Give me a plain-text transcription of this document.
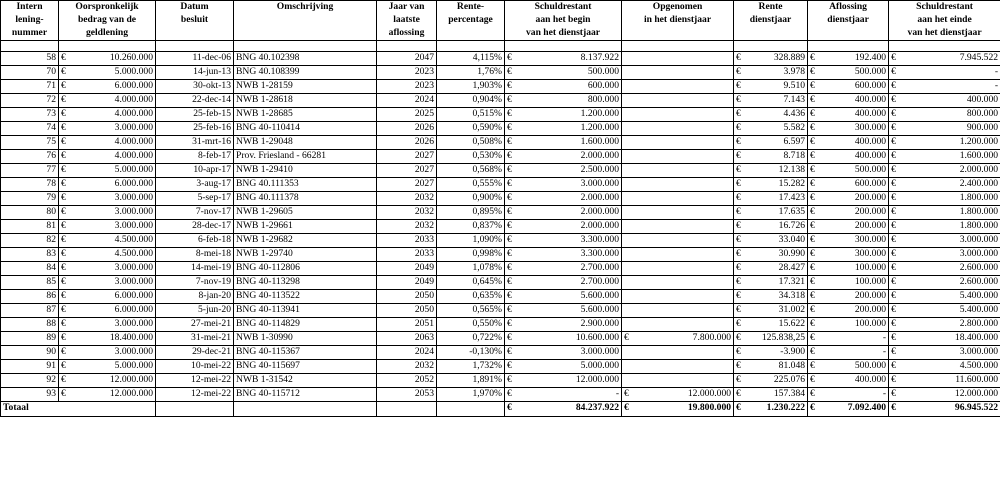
Intern	Oorspronkelijk		Datum	Omschrijving	Jaar van	Rente-	Schuldrestant		Opgenomen		Rente		Aflossing		Schuldrestant	
lening-	bedrag van de		besluit		laatste	percentage	aan het begin		in het dienstjaar		dienstjaar		dienstjaar		aan het einde	
nummer	geldlening				aflossing		van het dienstjaar								van het dienstjaar	

58	€	10.260.000	11-dec-06	BNG 40.102398	2047	4,115%	€	8.137.922			€	328.889	€	192.400	€	7.945.522
70	€	5.000.000	14-jun-13	BNG 40.108399	2023	1,76%	€	500.000			€	3.978	€	500.000	€	-
71	€	6.000.000	30-okt-13	NWB 1-28159	2023	1,903%	€	600.000			€	9.510	€	600.000	€	-
72	€	4.000.000	22-dec-14	NWB 1-28618	2024	0,904%	€	800.000			€	7.143	€	400.000	€	400.000
73	€	4.000.000	25-feb-15	NWB 1-28685	2025	0,515%	€	1.200.000			€	4.436	€	400.000	€	800.000
74	€	3.000.000	25-feb-16	BNG 40-110414	2026	0,590%	€	1.200.000			€	5.582	€	300.000	€	900.000
75	€	4.000.000	31-mrt-16	NWB 1-29048	2026	0,508%	€	1.600.000			€	6.597	€	400.000	€	1.200.000
76	€	4.000.000	8-feb-17	Prov. Friesland - 66281	2027	0,530%	€	2.000.000			€	8.718	€	400.000	€	1.600.000
77	€	5.000.000	10-apr-17	NWB 1-29410	2027	0,568%	€	2.500.000			€	12.138	€	500.000	€	2.000.000
78	€	6.000.000	3-aug-17	BNG 40.111353	2027	0,555%	€	3.000.000			€	15.282	€	600.000	€	2.400.000
79	€	3.000.000	5-sep-17	BNG 40.111378	2032	0,900%	€	2.000.000			€	17.423	€	200.000	€	1.800.000
80	€	3.000.000	7-nov-17	NWB 1-29605	2032	0,895%	€	2.000.000			€	17.635	€	200.000	€	1.800.000
81	€	3.000.000	28-dec-17	NWB 1-29661	2032	0,837%	€	2.000.000			€	16.726	€	200.000	€	1.800.000
82	€	4.500.000	6-feb-18	NWB 1-29682	2033	1,090%	€	3.300.000			€	33.040	€	300.000	€	3.000.000
83	€	4.500.000	8-mei-18	NWB 1-29740	2033	0,998%	€	3.300.000			€	30.990	€	300.000	€	3.000.000
84	€	3.000.000	14-mei-19	BNG 40-112806	2049	1,078%	€	2.700.000			€	28.427	€	100.000	€	2.600.000
85	€	3.000.000	7-nov-19	BNG 40-113298	2049	0,645%	€	2.700.000			€	17.321	€	100.000	€	2.600.000
86	€	6.000.000	8-jan-20	BNG 40-113522	2050	0,635%	€	5.600.000			€	34.318	€	200.000	€	5.400.000
87	€	6.000.000	5-jun-20	BNG 40-113941	2050	0,565%	€	5.600.000			€	31.002	€	200.000	€	5.400.000
88	€	3.000.000	27-mei-21	BNG 40-114829	2051	0,550%	€	2.900.000			€	15.622	€	100.000	€	2.800.000
89	€	18.400.000	31-mei-21	NWB 1-30990	2063	0,722%	€	10.600.000	€	7.800.000	€	125.838,25	€	-	€	18.400.000
90	€	3.000.000	29-dec-21	BNG 40-115367	2024	-0,130%	€	3.000.000			€	-3.900	€	-	€	3.000.000
91	€	5.000.000	10-mei-22	BNG 40-115697	2032	1,732%	€	5.000.000			€	81.048	€	500.000	€	4.500.000
92	€	12.000.000	12-mei-22	NWB 1-31542	2052	1,891%	€	12.000.000			€	225.076	€	400.000	€	11.600.000
93	€	12.000.000	12-mei-22	BNG 40-115712	2053	1,970%	€	-	€	12.000.000	€	157.384	€	-	€	12.000.000
Totaal							€	84.237.922	€	19.800.000	€	1.230.222	€	7.092.400	€	96.945.522
